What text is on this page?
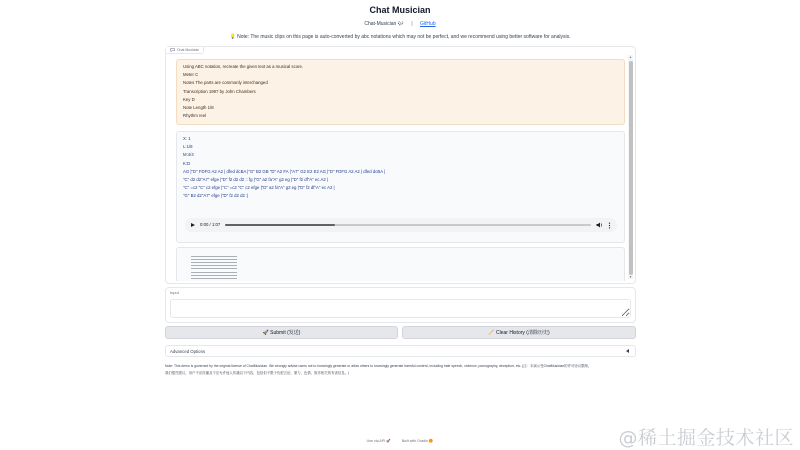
Chat Musician
Chat-Musician 🎶 | GitHub
💡 Note: The music clips on this page is auto-converted by abc notations which may not be perfect, and we recommend using better software for analysis.
Chat Musician
Using ABC notation, recreate the given text as a musical score.
Meter C
Notes The parts are commonly interchanged
Transcription 1997 by John Chambers
Key D
Note Length 1/8
Rhythm reel
X: 1
L:1/8
M:4/4
K:D
AG |"D" FDFG A2 A2 | dfed dcBA |"G" B2 GB "D" A2 FA |"A7" G2 E2 E2 AG |"D" FDFG A2 A2 | dfed dcBA |
"C" d2 d2"A7" efge |"D" f2 d2 d2 :: fg |"G" a2 fa"A" g2 eg |"D" f2 df"A" ec A2 |
"C" =c2 "C" c2 efge |"C" =c2 "C" c2 efge |"D" a2 fa"A" g2 eg |"D" f2 df"A" ec A2 |
"G" B2 d2"A7" efge |"D" f2 d2 d2 :|
0:00 / 1:07
▲
▼
Input
🚀 Submit (发送)	🧹 Clear History (清除历史)
Advanced Options
Note: This demo is governed by the original license of ChatMusician. We strongly advise users not to knowingly generate or allow others to knowingly generate harmful content, including hate speech, violence, pornography, deception, etc. (注：本演示受ChatMusician的许可协议限制。
我们强烈建议，用户不应传播及不应允许他人传播以下内容，包括但不限于仇恨言论、暴力、色情、欺诈相关的有害信息。)
Use via API 🚀	Built with Gradio 🟠	@稀土掘金技术社区
